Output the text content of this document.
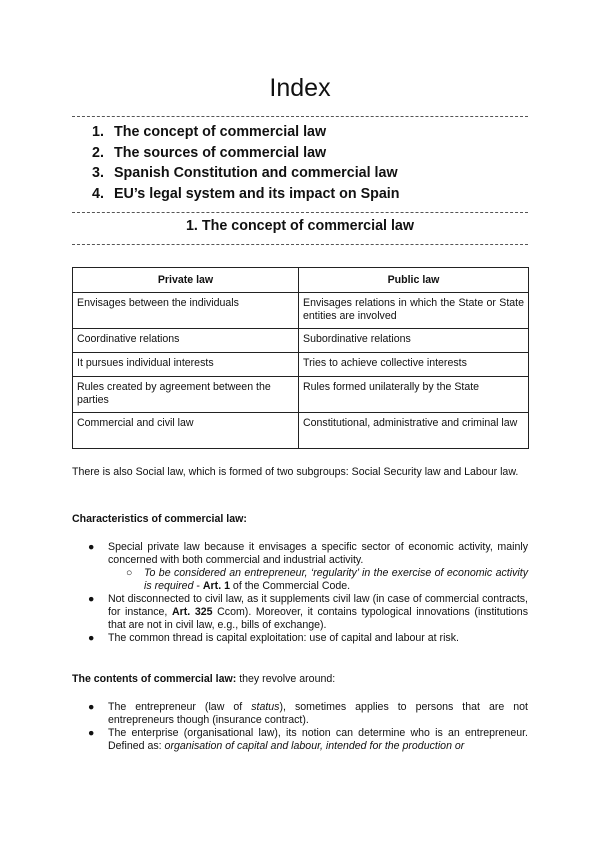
Index
1. The concept of commercial law
2. The sources of commercial law
3. Spanish Constitution and commercial law
4. EU’s legal system and its impact on Spain
1. The concept of commercial law
Private law	Public law
Envisages between the individuals	Envisages relations in which the State or State entities are involved
Coordinative relations	Subordinative relations
It pursues individual interests	Tries to achieve collective interests
Rules created by agreement between the parties	Rules formed unilaterally by the State
Commercial and civil law	Constitutional, administrative and criminal law
There is also Social law, which is formed of two subgroups: Social Security law and Labour law.
Characteristics of commercial law:
● Special private law because it envisages a specific sector of economic activity, mainly concerned with both commercial and industrial activity.
○ To be considered an entrepreneur, ‘regularity’ in the exercise of economic activity is required - Art. 1 of the Commercial Code.
● Not disconnected to civil law, as it supplements civil law (in case of commercial contracts, for instance, Art. 325 Ccom). Moreover, it contains typological innovations (institutions that are not in civil law, e.g., bills of exchange).
● The common thread is capital exploitation: use of capital and labour at risk.
The contents of commercial law: they revolve around:
● The entrepreneur (law of status), sometimes applies to persons that are not entrepreneurs though (insurance contract).
● The enterprise (organisational law), its notion can determine who is an entrepreneur. Defined as: organisation of capital and labour, intended for the production or
